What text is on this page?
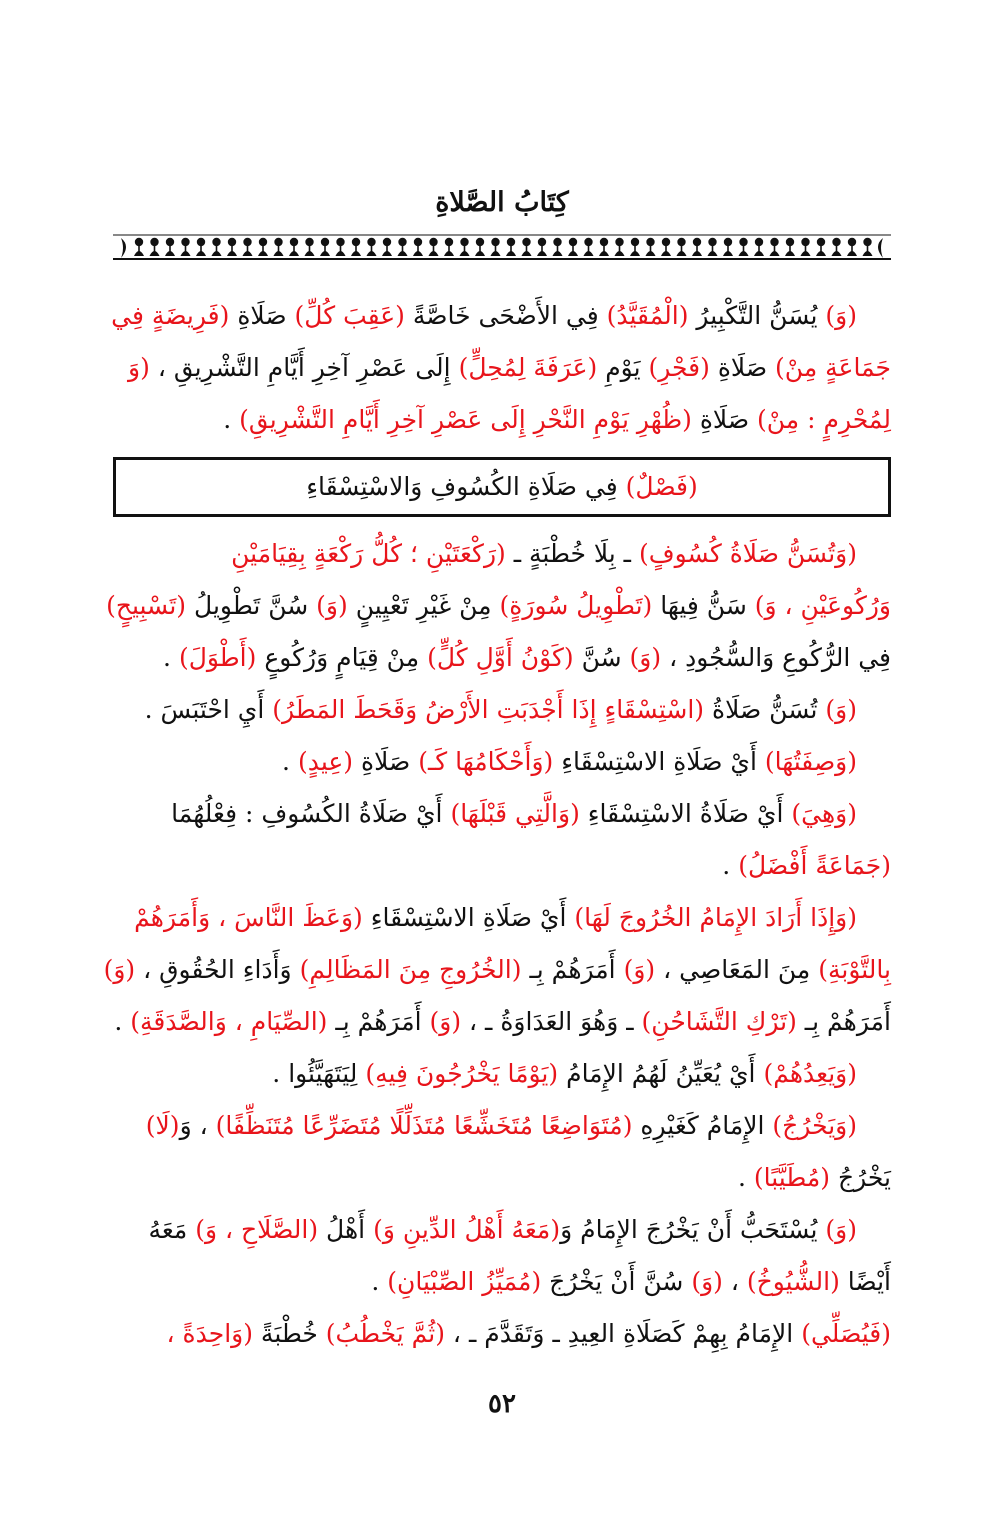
كِتَابُ الصَّلاةِ
(وَ) يُسَنُّ التَّكْبِيرُ (الْمُقَيَّدُ) فِي الأَضْحَى خَاصَّةً (عَقِبَ كُلِّ) صَلَاةِ (فَرِيضَةٍ فِي
جَمَاعَةٍ مِنْ) صَلَاةِ (فَجْرِ) يَوْمِ (عَرَفَةَ لِمُحِلٍّ) إِلَى عَصْرِ آخِرِ أَيَّامِ التَّشْرِيقِ ، (وَ
لِمُحْرِمٍ : مِنْ) صَلَاةِ (ظُهْرِ يَوْمِ النَّحْرِ إِلَى عَصْرِ آخِرِ أَيَّامِ التَّشْرِيقِ) .
(فَصْلٌ) فِي صَلَاةِ الكُسُوفِ وَالاسْتِسْقَاءِ
(وَتُسَنُّ صَلَاةُ كُسُوفٍ) ـ بِلَا خُطْبَةٍ ـ (رَكْعَتَيْنِ ؛ كُلُّ رَكْعَةٍ بِقِيَامَيْنِ
وَرُكُوعَيْنِ ، وَ) سَنُّ فِيهَا (تَطْوِيلُ سُورَةٍ) مِنْ غَيْرِ تَعْيِينٍ (وَ) سُنَّ تَطْوِيلُ (تَسْبِيحٍ)
فِي الرُّكُوعِ وَالسُّجُودِ ، (وَ) سُنَّ (كَوْنُ أَوَّلِ كُلٍّ) مِنْ قِيَامٍ وَرُكُوعٍ (أَطْوَلَ) .
(وَ) تُسَنُّ صَلَاةُ (اسْتِسْقَاءٍ إِذَا أَجْدَبَتِ الأَرْضُ وَقَحَطَ المَطَرُ) أَيِ احْتَبَسَ .
(وَصِفَتُهَا) أَيْ صَلَاةِ الاسْتِسْقَاءِ (وَأَحْكَامُهَا كَـ) صَلَاةِ (عِيدٍ) .
(وَهِيَ) أَيْ صَلَاةُ الاسْتِسْقَاءِ (وَالَّتِي قَبْلَهَا) أَيْ صَلَاةُ الكُسُوفِ : فِعْلُهُمَا
(جَمَاعَةً أَفْضَلُ) .
(وَإِذَا أَرَادَ الإِمَامُ الخُرُوجَ لَهَا) أَيْ صَلَاةِ الاسْتِسْقَاءِ (وَعَظَ النَّاسَ ، وَأَمَرَهُمْ
بِالتَّوْبَةِ) مِنَ المَعَاصِي ، (وَ) أَمَرَهُمْ بِـ (الخُرُوجِ مِنَ المَظَالِمِ) وَأَدَاءِ الحُقُوقِ ، (وَ)
أَمَرَهُمْ بِـ (تَرْكِ التَّشَاحُنِ) ـ وَهُوَ العَدَاوَةُ ـ ، (وَ) أَمَرَهُمْ بِـ (الصِّيَامِ ، وَالصَّدَقَةِ) .
(وَيَعِدُهُمْ) أَيْ يُعَيِّنُ لَهُمُ الإِمَامُ (يَوْمًا يَخْرُجُونَ فِيهِ) لِيَتَهَيَّئُوا .
(وَيَخْرُجُ) الإِمَامُ كَغَيْرِهِ (مُتَوَاضِعًا مُتَخَشِّعًا مُتَذَلِّلًا مُتَضَرِّعًا مُتَنَظِّفًا) ، وَ(لَا)
يَخْرُجُ (مُطَيَّبًا) .
(وَ) يُسْتَحَبُّ أَنْ يَخْرُجَ الإِمَامُ وَ(مَعَهُ أَهْلُ الدِّينِ وَ) أَهْلُ (الصَّلَاحِ ، وَ) مَعَهُ
أَيْضًا (الشُّيُوخُ) ، (وَ) سُنَّ أَنْ يَخْرُجَ (مُمَيِّزُ الصِّبْيَانِ) .
(فَيُصَلِّي) الإِمَامُ بِهِمْ كَصَلَاةِ العِيدِ ـ وَتَقَدَّمَ ـ ، (ثُمَّ يَخْطُبُ) خُطْبَةً (وَاحِدَةً ،
٥٢
